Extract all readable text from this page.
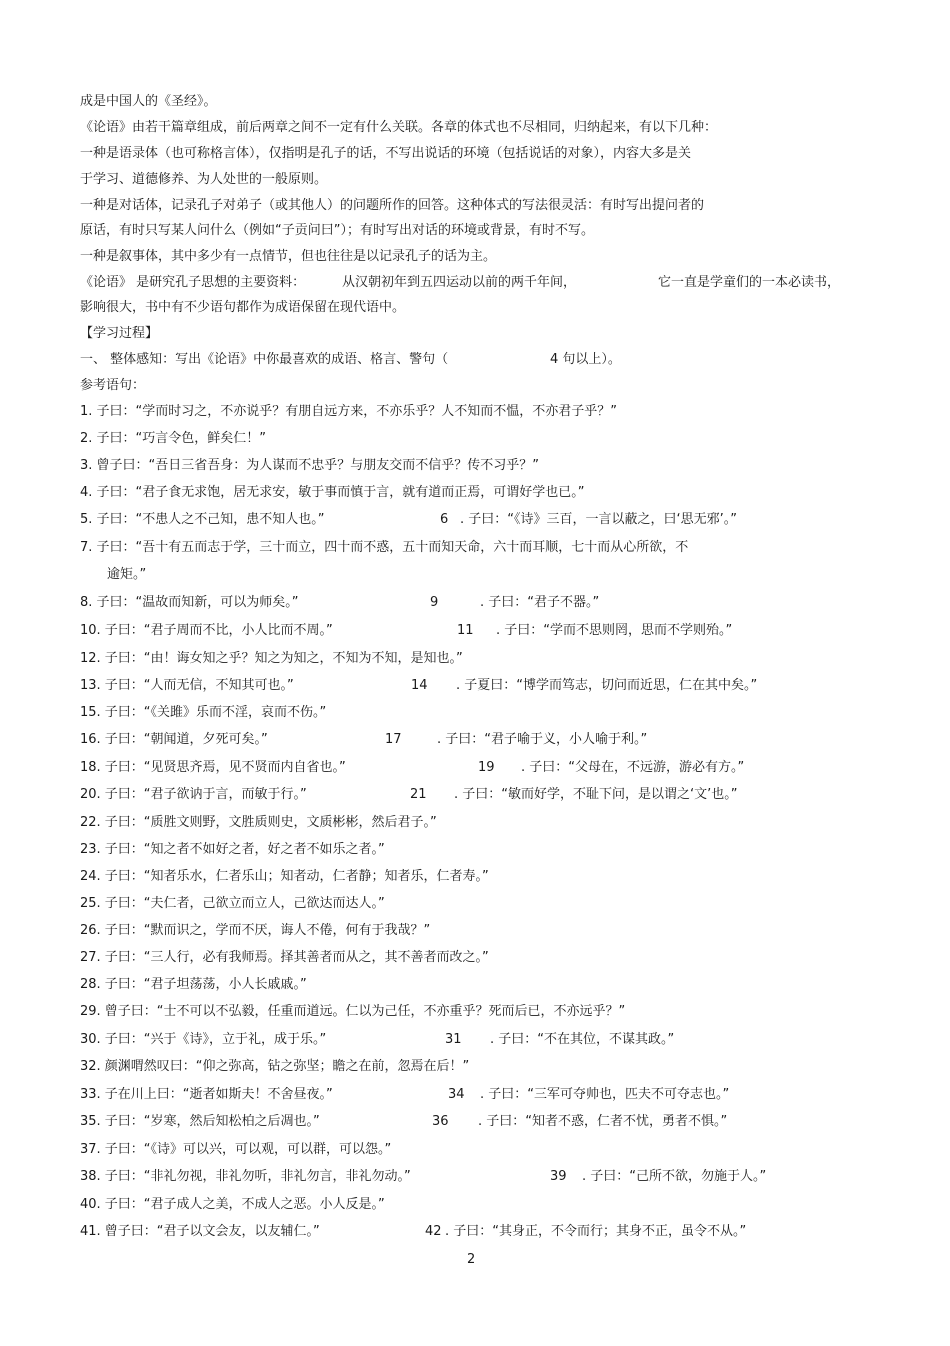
成是中国人的《圣经》。
《论语》由若干篇章组成，前后两章之间不一定有什么关联。各章的体式也不尽相同，归纳起来，有以下几种：
一种是语录体（也可称格言体），仅指明是孔子的话，不写出说话的环境（包括说话的对象），内容大多是关
于学习、道德修养、为人处世的一般原则。
一种是对话体，记录孔子对弟子（或其他人）的问题所作的回答。这种体式的写法很灵活：有时写出提问者的
原话，有时只写某人问什么（例如“子贡问曰”）；有时写出对话的环境或背景，有时不写。
一种是叙事体，其中多少有一点情节，但也往往是以记录孔子的话为主。
《论语》 是研究孔子思想的主要资料：	从汉朝初年到五四运动以前的两千年间，	它一直是学童们的一本必读书，
影响很大，书中有不少语句都作为成语保留在现代语中。
【学习过程】
一、 整体感知：写出《论语》中你最喜欢的成语、格言、警句（	4 句以上）。
参考语句：
1. 子曰：“学而时习之，不亦说乎？有朋自远方来，不亦乐乎？人不知而不愠，不亦君子乎？”
2. 子曰：“巧言令色，鲜矣仁！”
3. 曾子曰：“吾日三省吾身：为人谋而不忠乎？与朋友交而不信乎？传不习乎？”
4. 子曰：“君子食无求饱，居无求安，敏于事而慎于言，就有道而正焉，可谓好学也已。”
5. 子曰：“不患人之不己知，患不知人也。”	6 . 子曰：“《诗》三百，一言以蔽之，曰‘思无邪’。”
7. 子曰：“吾十有五而志于学，三十而立，四十而不惑，五十而知天命，六十而耳顺，七十而从心所欲，不
逾矩。”
8. 子曰：“温故而知新，可以为师矣。”	9	. 子曰：“君子不器。”
10. 子曰：“君子周而不比，小人比而不周。”	11 . 子曰：“学而不思则罔，思而不学则殆。”
12. 子曰：“由！诲女知之乎？知之为知之，不知为不知，是知也。”
13. 子曰：“人而无信，不知其可也。”	14 . 子夏曰：“博学而笃志，切问而近思，仁在其中矣。”
15. 子曰：“《关雎》乐而不淫，哀而不伤。”
16. 子曰：“朝闻道，夕死可矣。”	17	. 子曰：“君子喻于义，小人喻于利。”
18. 子曰：“见贤思齐焉，见不贤而内自省也。”	19 . 子曰：“父母在，不远游，游必有方。”
20. 子曰：“君子欲讷于言，而敏于行。”	21 . 子曰：“敏而好学，不耻下问，是以谓之‘文’也。”
22. 子曰：“质胜文则野，文胜质则史，文质彬彬，然后君子。”
23. 子曰：“知之者不如好之者，好之者不如乐之者。”
24. 子曰：“知者乐水，仁者乐山；知者动，仁者静；知者乐，仁者寿。”
25. 子曰：“夫仁者，己欲立而立人，己欲达而达人。”
26. 子曰：“默而识之，学而不厌，诲人不倦，何有于我哉？”
27. 子曰：“三人行，必有我师焉。择其善者而从之，其不善者而改之。”
28. 子曰：“君子坦荡荡，小人长戚戚。”
29. 曾子曰：“士不可以不弘毅，任重而道远。仁以为己任，不亦重乎？死而后已，不亦远乎？”
30. 子曰：“兴于《诗》，立于礼，成于乐。”	31 . 子曰：“不在其位，不谋其政。”
32. 颜渊喟然叹曰：“仰之弥高，钻之弥坚；瞻之在前，忽焉在后！”
33. 子在川上曰：“逝者如斯夫！不舍昼夜。”	34 . 子曰：“三军可夺帅也，匹夫不可夺志也。”
35. 子曰：“岁寒，然后知松柏之后凋也。”	36 . 子曰：“知者不惑，仁者不忧，勇者不惧。”
37. 子曰：“《诗》可以兴，可以观，可以群，可以怨。”
38. 子曰：“非礼勿视，非礼勿听，非礼勿言，非礼勿动。”	39 . 子曰：“己所不欲，勿施于人。”
40. 子曰：“君子成人之美，不成人之恶。小人反是。”
41. 曾子曰：“君子以文会友，以友辅仁。”	42 . 子曰：“其身正，不令而行；其身不正，虽令不从。”
2
